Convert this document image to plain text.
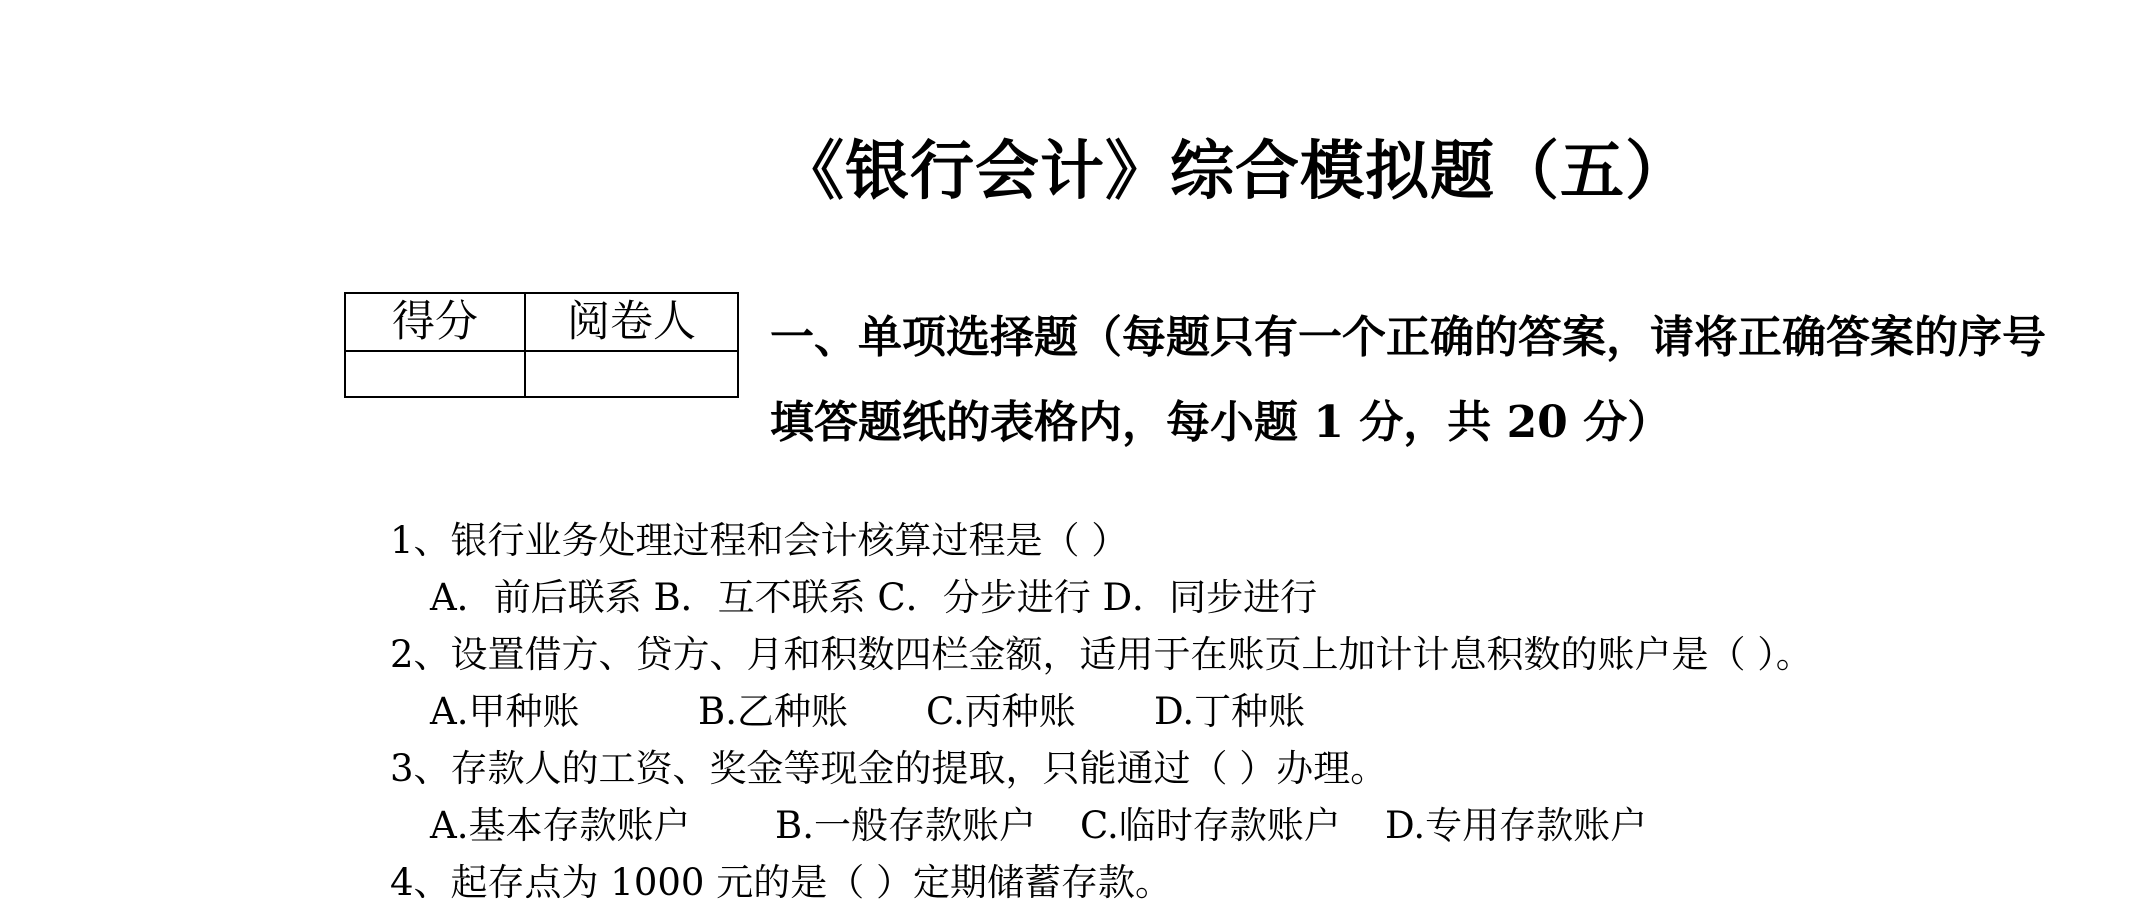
《银行会计》综合模拟题（五）
得分	阅卷人
	一、单项选择题（每题只有一个正确的答案，请将正确答案的序号
填答题纸的表格内，每小题 1 分，共 20 分）
1、银行业务处理过程和会计核算过程是（ ）
A．前后联系 B．互不联系 C．分步进行 D．同步进行
2、设置借方、贷方、月和积数四栏金额，适用于在账页上加计计息积数的账户是（ ）。
A.甲种账	B.乙种账 C.丙种账 D.丁种账
3、存款人的工资、奖金等现金的提取，只能通过（ ）办理。
A.基本存款账户 B.一般存款账户 C.临时存款账户 D.专用存款账户
4、起存点为 1000 元的是（ ）定期储蓄存款。
